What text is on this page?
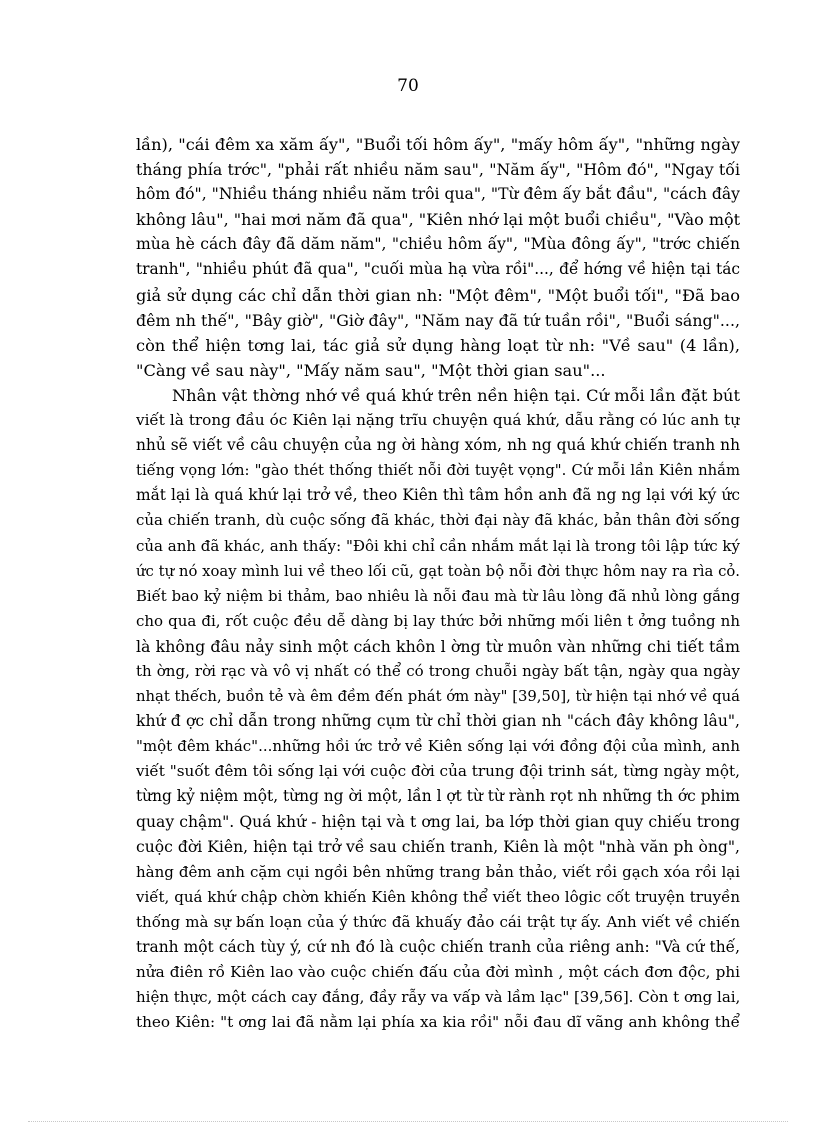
70
lần), "cái đêm xa xăm ấy", "Buổi tối hôm ấy", "mấy hôm ấy", "những ngày
tháng phía trớc", "phải rất nhiều năm sau", "Năm ấy", "Hôm đó", "Ngay tối
hôm đó", "Nhiều tháng nhiều năm trôi qua", "Từ đêm ấy bắt đầu", "cách đây
không lâu", "hai mơi năm đã qua", "Kiên nhớ lại một buổi chiều", "Vào một
mùa hè cách đây đã dăm năm", "chiều hôm ấy", "Mùa đông ấy", "trớc chiến
tranh", "nhiều phút đã qua", "cuối mùa hạ vừa rồi"..., để hớng về hiện tại tác
giả sử dụng các chỉ dẫn thời gian nh: "Một đêm", "Một buổi tối", "Đã bao
đêm nh thế", "Bây giờ", "Giờ đây", "Năm nay đã tứ tuần rồi", "Buổi sáng"...,
còn thể hiện tơng lai, tác giả sử dụng hàng loạt từ nh: "Về sau" (4 lần),
"Càng về sau này", "Mấy năm sau", "Một thời gian sau"...
Nhân vật thờng nhớ về quá khứ trên nền hiện tại. Cứ mỗi lần đặt bút
viết là trong đầu óc Kiên lại nặng trĩu chuyện quá khứ, dẫu rằng có lúc anh tự
nhủ sẽ viết về câu chuyện của ng ời hàng xóm, nh ng quá khứ chiến tranh nh
tiếng vọng lớn: "gào thét thống thiết nỗi đời tuyệt vọng". Cứ mỗi lần Kiên nhắm
mắt lại là quá khứ lại trở về, theo Kiên thì tâm hồn anh đã ng ng lại với ký ức
của chiến tranh, dù cuộc sống đã khác, thời đại này đã khác, bản thân đời sống
của anh đã khác, anh thấy: "Đôi khi chỉ cần nhắm mắt lại là trong tôi lập tức ký
ức tự nó xoay mình lui về theo lối cũ, gạt toàn bộ nỗi đời thực hôm nay ra rìa cỏ.
Biết bao kỷ niệm bi thảm, bao nhiêu là nỗi đau mà từ lâu lòng đã nhủ lòng gắng
cho qua đi, rốt cuộc đều dễ dàng bị lay thức bởi những mối liên t ởng tuồng nh
là không đâu nảy sinh một cách khôn l ờng từ muôn vàn những chi tiết tầm
th ờng, rời rạc và vô vị nhất có thể có trong chuỗi ngày bất tận, ngày qua ngày
nhạt thếch, buồn tẻ và êm đềm đến phát ớm này" [39,50], từ hiện tại nhớ về quá
khứ đ ợc chỉ dẫn trong những cụm từ chỉ thời gian nh "cách đây không lâu",
"một đêm khác"...những hồi ức trở về Kiên sống lại với đồng đội của mình, anh
viết "suốt đêm tôi sống lại với cuộc đời của trung đội trinh sát, từng ngày một,
từng kỷ niệm một, từng ng ời một, lần l ợt từ từ rành rọt nh những th ớc phim
quay chậm". Quá khứ - hiện tại và t ơng lai, ba lớp thời gian quy chiếu trong
cuộc đời Kiên, hiện tại trở về sau chiến tranh, Kiên là một "nhà văn ph òng",
hàng đêm anh cặm cụi ngồi bên những trang bản thảo, viết rồi gạch xóa rồi lại
viết, quá khứ chập chờn khiến Kiên không thể viết theo lôgic cốt truyện truyền
thống mà sự bấn loạn của ý thức đã khuấy đảo cái trật tự ấy. Anh viết về chiến
tranh một cách tùy ý, cứ nh đó là cuộc chiến tranh của riêng anh: "Và cứ thế,
nửa điên rồ Kiên lao vào cuộc chiến đấu của đời mình , một cách đơn độc, phi
hiện thực, một cách cay đắng, đầy rẫy va vấp và lầm lạc" [39,56]. Còn t ơng lai,
theo Kiên: "t ơng lai đã nằm lại phía xa kia rồi" nỗi đau dĩ vãng anh không thể
